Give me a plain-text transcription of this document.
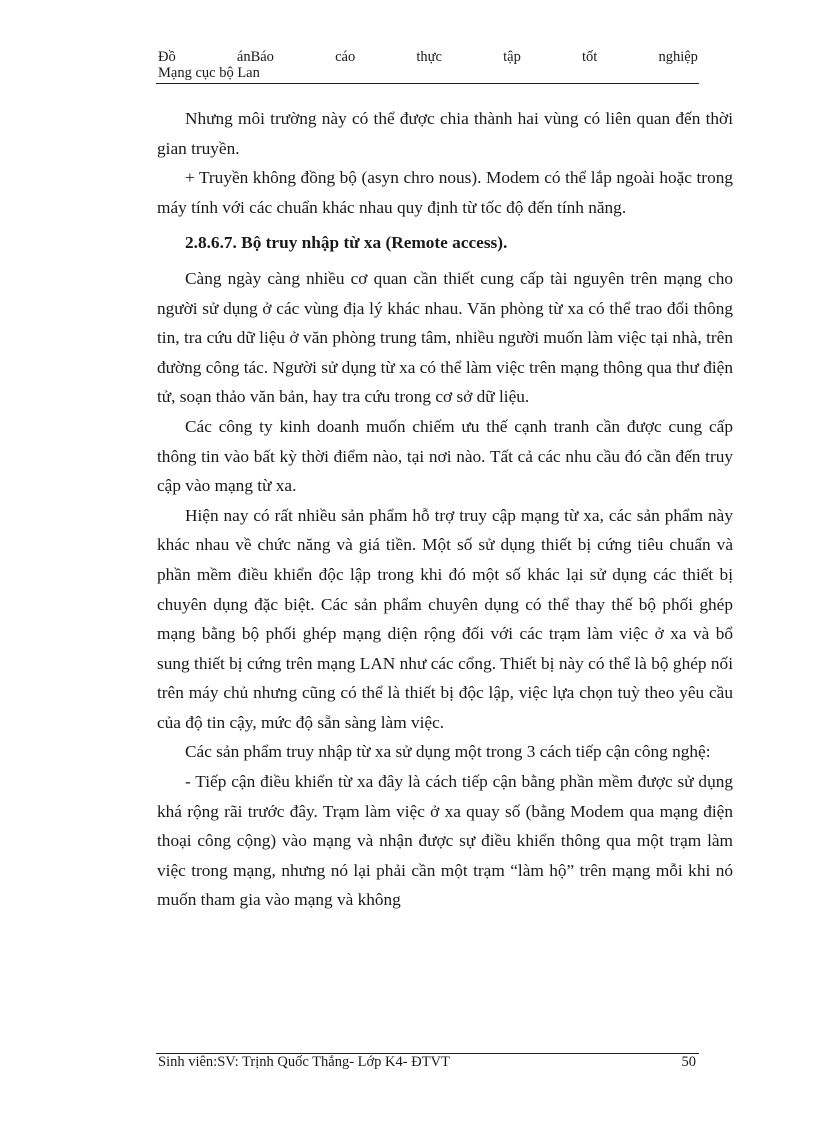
Đồ	ánBáo	cáo	thực	tập	tốt	nghiệp
Mạng cục bộ Lan

Nhưng môi trường này có thể được chia thành hai vùng có liên quan đến thời gian truyền.

+ Truyền không đồng bộ (asyn chro nous). Modem có thể lắp ngoài hoặc trong máy tính với các chuẩn khác nhau quy định từ tốc độ đến tính năng.

2.8.6.7. Bộ truy nhập từ xa (Remote access).

Càng ngày càng nhiều cơ quan cần thiết cung cấp tài nguyên trên mạng cho người sử dụng ở các vùng địa lý khác nhau. Văn phòng từ xa có thể trao đổi thông tin, tra cứu dữ liệu ở văn phòng trung tâm, nhiều người muốn làm việc tại nhà, trên đường công tác. Người sử dụng từ xa có thể làm việc trên mạng thông qua thư điện tử, soạn thảo văn bản, hay tra cứu trong cơ sở dữ liệu.

Các công ty kinh doanh muốn chiếm ưu thế cạnh tranh cần được cung cấp thông tin vào bất kỳ thời điểm nào, tại nơi nào. Tất cả các nhu cầu đó cần đến truy cập vào mạng từ xa.

Hiện nay có rất nhiều sản phẩm hỗ trợ truy cập mạng từ xa, các sản phẩm này khác nhau về chức năng và giá tiền. Một số sử dụng thiết bị cứng tiêu chuẩn và phần mềm điều khiển độc lập trong khi đó một số khác lại sử dụng các thiết bị chuyên dụng đặc biệt. Các sản phẩm chuyên dụng có thể thay thế bộ phối ghép mạng bằng bộ phối ghép mạng diện rộng đối với các trạm làm việc ở xa và bổ sung thiết bị cứng trên mạng LAN như các cổng. Thiết bị này có thể là bộ ghép nối trên máy chủ nhưng cũng có thể là thiết bị độc lập, việc lựa chọn tuỳ theo yêu cầu của độ tin cậy, mức độ sẵn sàng làm việc.

Các sản phẩm truy nhập từ xa sử dụng một trong 3 cách tiếp cận công nghệ:

- Tiếp cận điều khiển từ xa đây là cách tiếp cận bằng phần mềm được sử dụng khá rộng rãi trước đây. Trạm làm việc ở xa quay số (bằng Modem qua mạng điện thoại công cộng) vào mạng và nhận được sự điều khiển thông qua một trạm làm việc trong mạng, nhưng nó lại phải cần một trạm “làm hộ” trên mạng mỗi khi nó muốn tham gia vào mạng và không

Sinh viên:SV: Trịnh Quốc Thắng- Lớp K4- ĐTVT	50
